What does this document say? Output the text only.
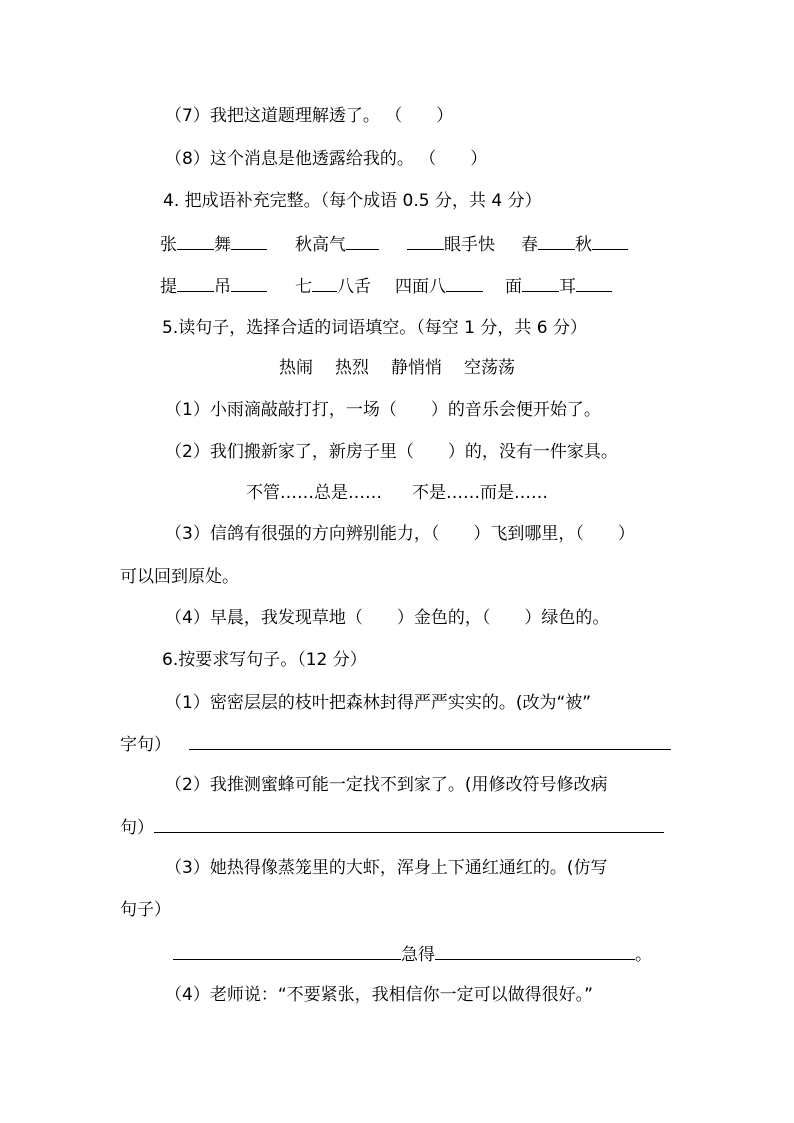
（7）我把这道题理解透了。 （　　）
（8）这个消息是他透露给我的。 （　　）
4. 把成语补充完整。（每个成语 0.5 分，共 4 分）
张 舞	秋高气	眼手快 春 秋
提 吊	七 八舌 四面八	面 耳
5.读句子，选择合适的词语填空。（每空 1 分，共 6 分）
热闹 热烈 静悄悄 空荡荡
（1）小雨滴敲敲打打，一场（　　）的音乐会便开始了。
（2）我们搬新家了，新房子里（　　）的，没有一件家具。
不管……总是…… 不是……而是……
（3）信鸽有很强的方向辨别能力，（　　）飞到哪里，（　　）
可以回到原处。
（4）早晨，我发现草地（　　）金色的，（　　）绿色的。
6.按要求写句子。（12 分）
（1）密密层层的枝叶把森林封得严严实实的。(改为“被”
字句）
（2）我推测蜜蜂可能一定找不到家了。(用修改符号修改病
句）
（3）她热得像蒸笼里的大虾，浑身上下通红通红的。(仿写
句子）
急得	。
（4）老师说：“不要紧张，我相信你一定可以做得很好。”
